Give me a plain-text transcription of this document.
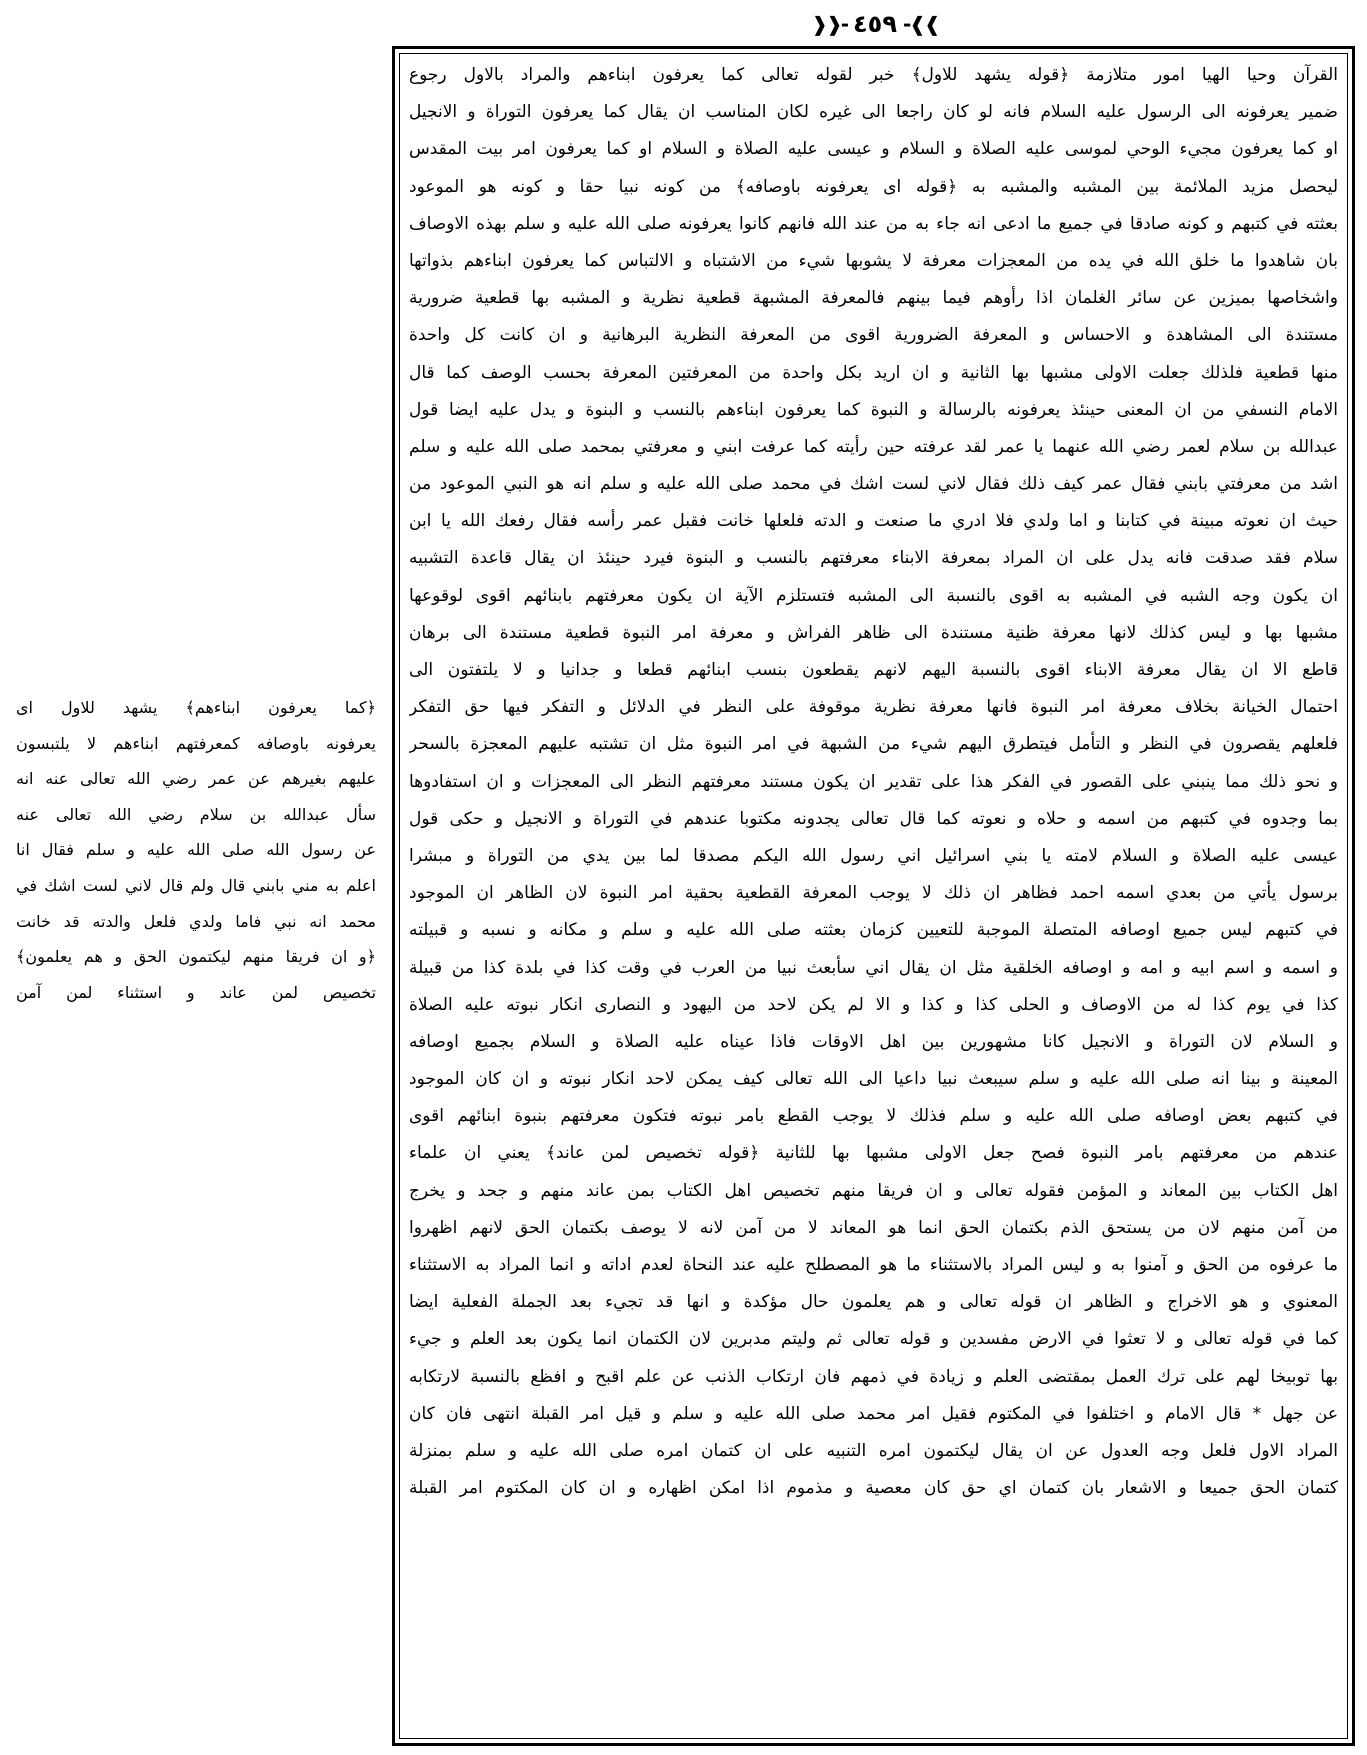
❱❱-
٤٥٩
-❰❰
القرآن وحيا الهيا امور متلازمة ﴿قوله يشهد للاول﴾ خبر لقوله تعالى كما يعرفون ابناءهم والمراد بالاول رجوع
ضمير يعرفونه الى الرسول عليه السلام فانه لو كان راجعا الى غيره لكان المناسب ان يقال كما يعرفون التوراة و الانجيل
او كما يعرفون مجيء الوحي لموسى عليه الصلاة و السلام و عيسى عليه الصلاة و السلام او كما يعرفون امر بيت المقدس
ليحصل مزيد الملائمة بين المشبه والمشبه به ﴿قوله اى يعرفونه باوصافه﴾ من كونه نبيا حقا و كونه هو الموعود
بعثته في كتبهم و كونه صادقا في جميع ما ادعى انه جاء به من عند الله فانهم كانوا يعرفونه صلى الله عليه و سلم بهذه الاوصاف
بان شاهدوا ما خلق الله في يده من المعجزات معرفة لا يشوبها شيء من الاشتباه و الالتباس كما يعرفون ابناءهم بذواتها
واشخاصها بميزين عن سائر الغلمان اذا رأوهم فيما بينهم فالمعرفة المشبهة قطعية نظرية و المشبه بها قطعية ضرورية
مستندة الى المشاهدة و الاحساس و المعرفة الضرورية اقوى من المعرفة النظرية البرهانية و ان كانت كل واحدة
منها قطعية فلذلك جعلت الاولى مشبها بها الثانية و ان اريد بكل واحدة من المعرفتين المعرفة بحسب الوصف كما قال
الامام النسفي من ان المعنى حينئذ يعرفونه بالرسالة و النبوة كما يعرفون ابناءهم بالنسب و البنوة و يدل عليه ايضا قول
عبدالله بن سلام لعمر رضي الله عنهما يا عمر لقد عرفته حين رأيته كما عرفت ابني و معرفتي بمحمد صلى الله عليه و سلم
اشد من معرفتي بابني فقال عمر كيف ذلك فقال لاني لست اشك في محمد صلى الله عليه و سلم انه هو النبي الموعود من
حيث ان نعوته مبينة في كتابنا و اما ولدي فلا ادري ما صنعت و الدته فلعلها خانت فقبل عمر رأسه فقال رفعك الله يا ابن
سلام فقد صدقت فانه يدل على ان المراد بمعرفة الابناء معرفتهم بالنسب و البنوة فيرد حينئذ ان يقال قاعدة التشبيه
ان يكون وجه الشبه في المشبه به اقوى بالنسبة الى المشبه فتستلزم الآية ان يكون معرفتهم بابنائهم اقوى لوقوعها
مشبها بها و ليس كذلك لانها معرفة ظنية مستندة الى ظاهر الفراش و معرفة امر النبوة قطعية مستندة الى برهان
قاطع الا ان يقال معرفة الابناء اقوى بالنسبة اليهم لانهم يقطعون بنسب ابنائهم قطعا و جدانيا و لا يلتفتون الى
احتمال الخيانة بخلاف معرفة امر النبوة فانها معرفة نظرية موقوفة على النظر في الدلائل و التفكر فيها حق التفكر
فلعلهم يقصرون في النظر و التأمل فيتطرق اليهم شيء من الشبهة في امر النبوة مثل ان تشتبه عليهم المعجزة بالسحر
و نحو ذلك مما ينبني على القصور في الفكر هذا على تقدير ان يكون مستند معرفتهم النظر الى المعجزات و ان استفادوها
بما وجدوه في كتبهم من اسمه و حلاه و نعوته كما قال تعالى يجدونه مكتوبا عندهم في التوراة و الانجيل و حكى قول
عيسى عليه الصلاة و السلام لامته يا بني اسرائيل اني رسول الله اليكم مصدقا لما بين يدي من التوراة و مبشرا
برسول يأتي من بعدي اسمه احمد فظاهر ان ذلك لا يوجب المعرفة القطعية بحقية امر النبوة لان الظاهر ان الموجود
في كتبهم ليس جميع اوصافه المتصلة الموجبة للتعيين كزمان بعثته صلى الله عليه و سلم و مكانه و نسبه و قبيلته
و اسمه و اسم ابيه و امه و اوصافه الخلقية مثل ان يقال اني سأبعث نبيا من العرب في وقت كذا في بلدة كذا من قبيلة
كذا في يوم كذا له من الاوصاف و الحلى كذا و كذا و الا لم يكن لاحد من اليهود و النصارى انكار نبوته عليه الصلاة
و السلام لان التوراة و الانجيل كانا مشهورين بين اهل الاوقات فاذا عيناه عليه الصلاة و السلام بجميع اوصافه
المعينة و بينا انه صلى الله عليه و سلم سيبعث نبيا داعيا الى الله تعالى كيف يمكن لاحد انكار نبوته و ان كان الموجود
في كتبهم بعض اوصافه صلى الله عليه و سلم فذلك لا يوجب القطع بامر نبوته فتكون معرفتهم بنبوة ابنائهم اقوى
عندهم من معرفتهم بامر النبوة فصح جعل الاولى مشبها بها للثانية ﴿قوله تخصيص لمن عاند﴾ يعني ان علماء
اهل الكتاب بين المعاند و المؤمن فقوله تعالى و ان فريقا منهم تخصيص اهل الكتاب بمن عاند منهم و جحد و يخرج
من آمن منهم لان من يستحق الذم بكتمان الحق انما هو المعاند لا من آمن لانه لا يوصف بكتمان الحق لانهم اظهروا
ما عرفوه من الحق و آمنوا به و ليس المراد بالاستثناء ما هو المصطلح عليه عند النحاة لعدم اداته و انما المراد به الاستثناء
المعنوي و هو الاخراج و الظاهر ان قوله تعالى و هم يعلمون حال مؤكدة و انها قد تجيء بعد الجملة الفعلية ايضا
كما في قوله تعالى و لا تعثوا في الارض مفسدين و قوله تعالى ثم وليتم مدبرين لان الكتمان انما يكون بعد العلم و جيء
بها توبيخا لهم على ترك العمل بمقتضى العلم و زيادة في ذمهم فان ارتكاب الذنب عن علم اقبح و افظع بالنسبة لارتكابه
عن جهل * قال الامام و اختلفوا في المكتوم فقيل امر محمد صلى الله عليه و سلم و قيل امر القبلة انتهى فان كان
المراد الاول فلعل وجه العدول عن ان يقال ليكتمون امره التنبيه على ان كتمان امره صلى الله عليه و سلم بمنزلة
كتمان الحق جميعا و الاشعار بان كتمان اي حق كان معصية و مذموم اذا امكن اظهاره و ان كان المكتوم امر القبلة
﴿كما يعرفون ابناءهم﴾ يشهد للاول اى
يعرفونه باوصافه كمعرفتهم ابناءهم لا يلتبسون
عليهم بغيرهم عن عمر رضي الله تعالى عنه انه
سأل عبدالله بن سلام رضي الله تعالى عنه
عن رسول الله صلى الله عليه و سلم فقال انا
اعلم به مني بابني قال ولم قال لاني لست اشك في
محمد انه نبي فاما ولدي فلعل والدته قد خانت
﴿و ان فريقا منهم ليكتمون الحق و هم يعلمون﴾
تخصيص لمن عاند و استثناء لمن آمن
